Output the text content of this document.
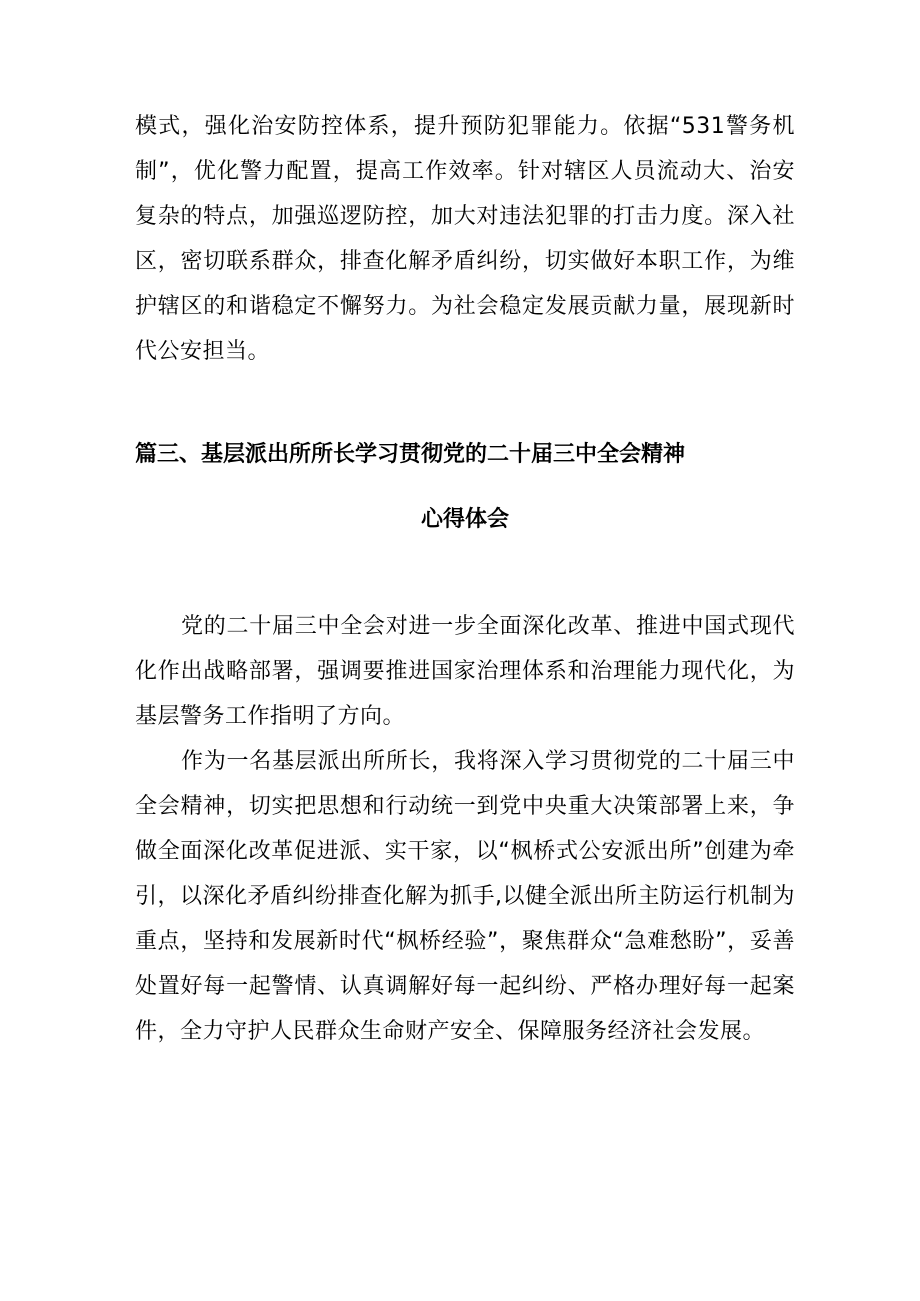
模式，强化治安防控体系，提升预防犯罪能力。依据“531警务机制”，优化警力配置，提高工作效率。针对辖区人员流动大、治安复杂的特点，加强巡逻防控，加大对违法犯罪的打击力度。深入社区，密切联系群众，排查化解矛盾纠纷，切实做好本职工作，为维护辖区的和谐稳定不懈努力。为社会稳定发展贡献力量，展现新时代公安担当。

篇三、基层派出所所长学习贯彻党的二十届三中全会精神

心得体会

党的二十届三中全会对进一步全面深化改革、推进中国式现代化作出战略部署，强调要推进国家治理体系和治理能力现代化，为基层警务工作指明了方向。

作为一名基层派出所所长，我将深入学习贯彻党的二十届三中全会精神，切实把思想和行动统一到党中央重大决策部署上来，争做全面深化改革促进派、实干家，以“枫桥式公安派出所”创建为牵引，以深化矛盾纠纷排查化解为抓手,以健全派出所主防运行机制为重点，坚持和发展新时代“枫桥经验”，聚焦群众“急难愁盼”，妥善处置好每一起警情、认真调解好每一起纠纷、严格办理好每一起案件，全力守护人民群众生命财产安全、保障服务经济社会发展。
